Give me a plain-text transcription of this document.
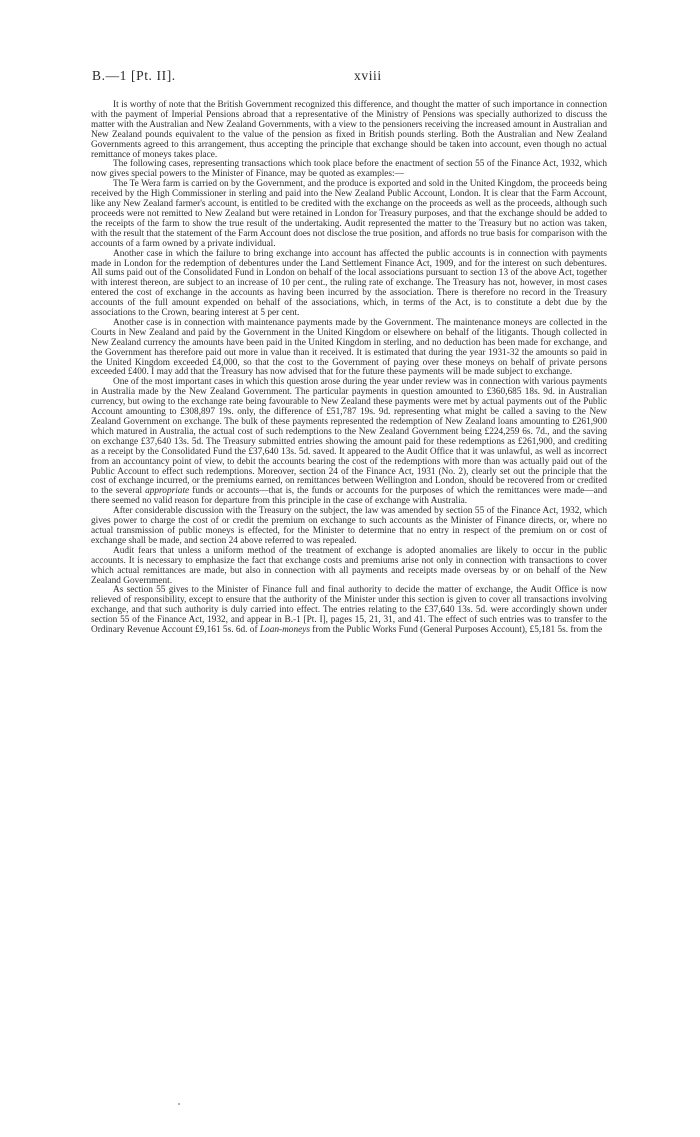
B.—1 [Pt. II].	xviii

It is worthy of note that the British Government recognized this difference, and thought the matter of such importance in connection with the payment of Imperial Pensions abroad that a representative of the Ministry of Pensions was specially authorized to discuss the matter with the Australian and New Zealand Governments, with a view to the pensioners receiving the increased amount in Australian and New Zealand pounds equivalent to the value of the pension as fixed in British pounds sterling. Both the Australian and New Zealand Governments agreed to this arrangement, thus accepting the principle that exchange should be taken into account, even though no actual remittance of moneys takes place.

The following cases, representing transactions which took place before the enactment of section 55 of the Finance Act, 1932, which now gives special powers to the Minister of Finance, may be quoted as examples:—

The Te Wera farm is carried on by the Government, and the produce is exported and sold in the United Kingdom, the proceeds being received by the High Commissioner in sterling and paid into the New Zealand Public Account, London. It is clear that the Farm Account, like any New Zealand farmer's account, is entitled to be credited with the exchange on the proceeds as well as the proceeds, although such proceeds were not remitted to New Zealand but were retained in London for Treasury purposes, and that the exchange should be added to the receipts of the farm to show the true result of the undertaking. Audit represented the matter to the Treasury but no action was taken, with the result that the statement of the Farm Account does not disclose the true position, and affords no true basis for comparison with the accounts of a farm owned by a private individual.

Another case in which the failure to bring exchange into account has affected the public accounts is in connection with payments made in London for the redemption of debentures under the Land Settlement Finance Act, 1909, and for the interest on such debentures. All sums paid out of the Consolidated Fund in London on behalf of the local associations pursuant to section 13 of the above Act, together with interest thereon, are subject to an increase of 10 per cent., the ruling rate of exchange. The Treasury has not, however, in most cases entered the cost of exchange in the accounts as having been incurred by the association. There is therefore no record in the Treasury accounts of the full amount expended on behalf of the associations, which, in terms of the Act, is to constitute a debt due by the associations to the Crown, bearing interest at 5 per cent.

Another case is in connection with maintenance payments made by the Government. The maintenance moneys are collected in the Courts in New Zealand and paid by the Government in the United Kingdom or elsewhere on behalf of the litigants. Though collected in New Zealand currency the amounts have been paid in the United Kingdom in sterling, and no deduction has been made for exchange, and the Government has therefore paid out more in value than it received. It is estimated that during the year 1931-32 the amounts so paid in the United Kingdom exceeded £4,000, so that the cost to the Government of paying over these moneys on behalf of private persons exceeded £400. I may add that the Treasury has now advised that for the future these payments will be made subject to exchange.

One of the most important cases in which this question arose during the year under review was in connection with various payments in Australia made by the New Zealand Government. The particular payments in question amounted to £360,685 18s. 9d. in Australian currency, but owing to the exchange rate being favourable to New Zealand these payments were met by actual payments out of the Public Account amounting to £308,897 19s. only, the difference of £51,787 19s. 9d. representing what might be called a saving to the New Zealand Government on exchange. The bulk of these payments represented the redemption of New Zealand loans amounting to £261,900 which matured in Australia, the actual cost of such redemptions to the New Zealand Government being £224,259 6s. 7d., and the saving on exchange £37,640 13s. 5d. The Treasury submitted entries showing the amount paid for these redemptions as £261,900, and crediting as a receipt by the Consolidated Fund the £37,640 13s. 5d. saved. It appeared to the Audit Office that it was unlawful, as well as incorrect from an accountancy point of view, to debit the accounts bearing the cost of the redemptions with more than was actually paid out of the Public Account to effect such redemptions. Moreover, section 24 of the Finance Act, 1931 (No. 2), clearly set out the principle that the cost of exchange incurred, or the premiums earned, on remittances between Wellington and London, should be recovered from or credited to the several appropriate funds or accounts—that is, the funds or accounts for the purposes of which the remittances were made—and there seemed no valid reason for departure from this principle in the case of exchange with Australia.

After considerable discussion with the Treasury on the subject, the law was amended by section 55 of the Finance Act, 1932, which gives power to charge the cost of or credit the premium on exchange to such accounts as the Minister of Finance directs, or, where no actual transmission of public moneys is effected, for the Minister to determine that no entry in respect of the premium on or cost of exchange shall be made, and section 24 above referred to was repealed.

Audit fears that unless a uniform method of the treatment of exchange is adopted anomalies are likely to occur in the public accounts. It is necessary to emphasize the fact that exchange costs and premiums arise not only in connection with transactions to cover which actual remittances are made, but also in connection with all payments and receipts made overseas by or on behalf of the New Zealand Government.

As section 55 gives to the Minister of Finance full and final authority to decide the matter of exchange, the Audit Office is now relieved of responsibility, except to ensure that the authority of the Minister under this section is given to cover all transactions involving exchange, and that such authority is duly carried into effect. The entries relating to the £37,640 13s. 5d. were accordingly shown under section 55 of the Finance Act, 1932, and appear in B.-1 [Pt. I], pages 15, 21, 31, and 41. The effect of such entries was to transfer to the Ordinary Revenue Account £9,161 5s. 6d. of Loan-moneys from the Public Works Fund (General Purposes Account), £5,181 5s. from the
